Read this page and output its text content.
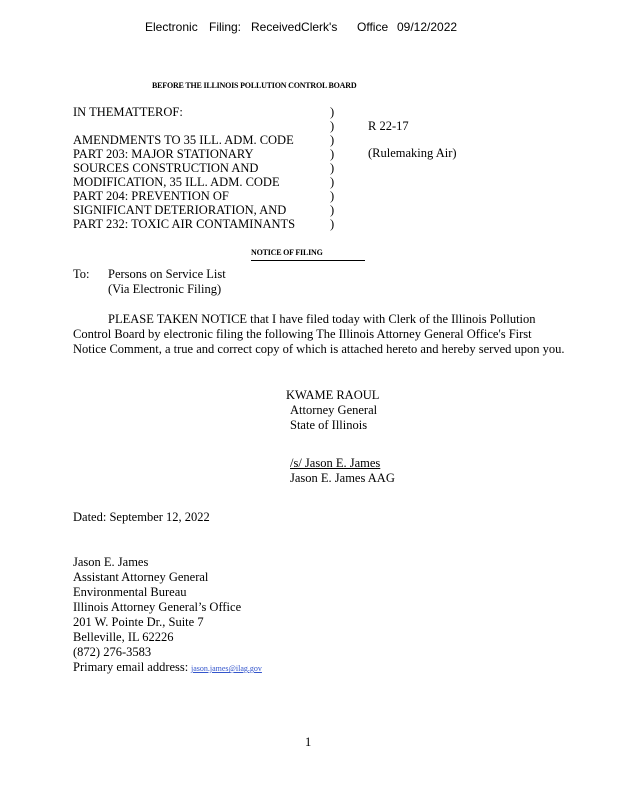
Electronic Filing: ReceivedClerk's Office 09/12/2022
BEFORE THE ILLINOIS POLLUTION CONTROL BOARD
IN THEMATTEROF:
AMENDMENTS TO 35 ILL. ADM. CODE
PART 203: MAJOR STATIONARY
SOURCES CONSTRUCTION AND
MODIFICATION, 35 ILL. ADM. CODE
PART 204: PREVENTION OF
SIGNIFICANT DETERIORATION, AND
PART 232: TOXIC AIR CONTAMINANTS
)
)
)
)
)
)
)
)
)
R 22-17
(Rulemaking Air)
NOTICE OF FILING
To: Persons on Service List
(Via Electronic Filing)
PLEASE TAKEN NOTICE that I have filed today with Clerk of the Illinois Pollution
Control Board by electronic filing the following The Illinois Attorney General Office's First
Notice Comment, a true and correct copy of which is attached hereto and hereby served upon you.
KWAME RAOUL
Attorney General
State of Illinois
/s/ Jason E. James
Jason E. James AAG
Dated: September 12, 2022
Jason E. James
Assistant Attorney General
Environmental Bureau
Illinois Attorney General’s Office
201 W. Pointe Dr., Suite 7
Belleville, IL 62226
(872) 276-3583
Primary email address: jason.james@ilag.gov
1
